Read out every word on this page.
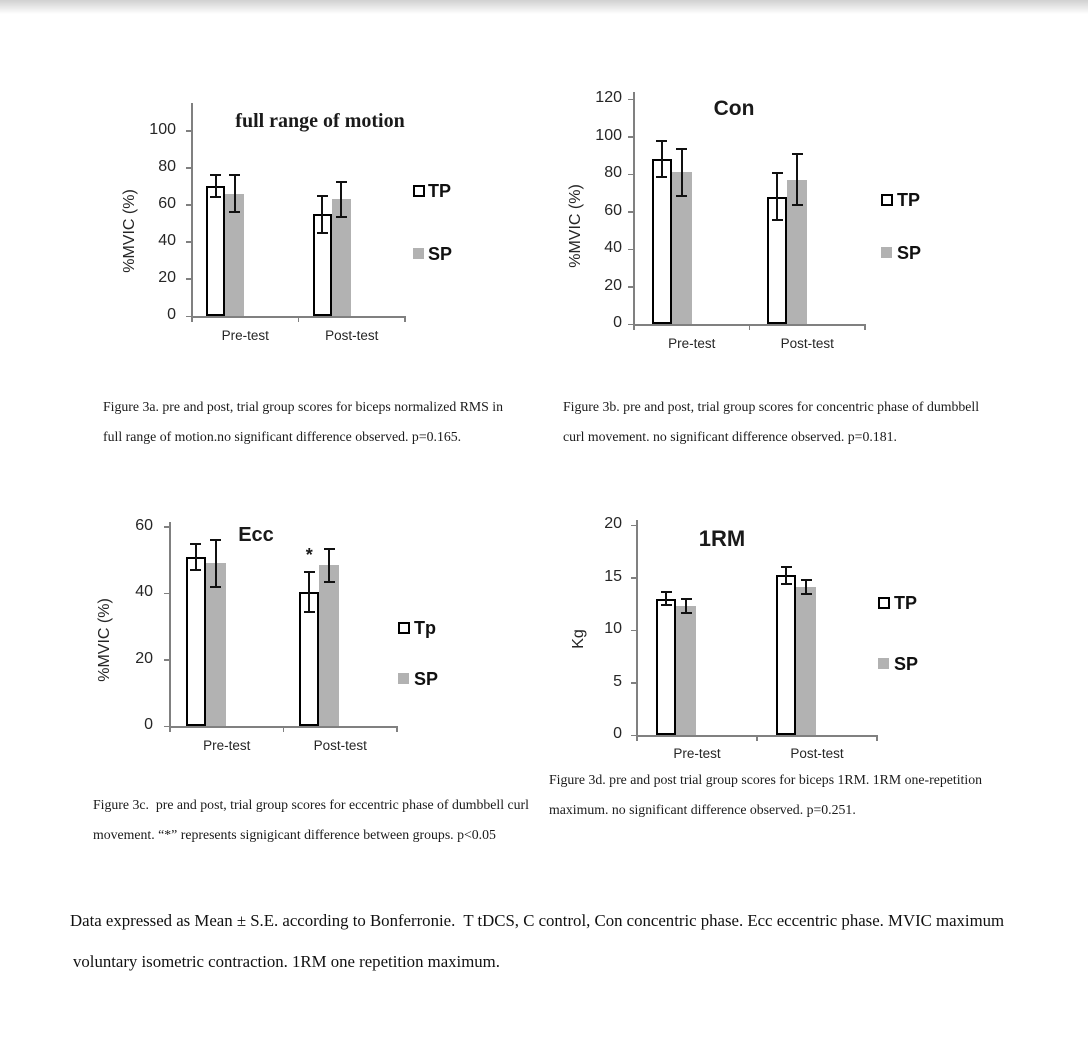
full range of motion
%MVIC (%)
0
20
40
60
80
100
Pre-test	Post-test
TP
SP
Con
%MVIC (%)
0
20
40
60
80
100
120
Pre-test	Post-test
TP
SP
Ecc
%MVIC (%)
0
20
40
60
Pre-test	Post-test
*
Tp
SP
1RM
Kg
0
5
10
15
20
Pre-test	Post-test
TP
SP
Figure 3a. pre and post, trial group scores for biceps normalized RMS in
full range of motion.no significant difference observed. p=0.165.
Figure 3b. pre and post, trial group scores for concentric phase of dumbbell
curl movement. no significant difference observed. p=0.181.
Figure 3c.  pre and post, trial group scores for eccentric phase of dumbbell curl
movement. “*” represents signigicant difference between groups. p<0.05
Figure 3d. pre and post trial group scores for biceps 1RM. 1RM one-repetition
maximum. no significant difference observed. p=0.251.
Data expressed as Mean ± S.E. according to Bonferronie.  T tDCS, C control, Con concentric phase. Ecc eccentric phase. MVIC maximum
voluntary isometric contraction. 1RM one repetition maximum.
